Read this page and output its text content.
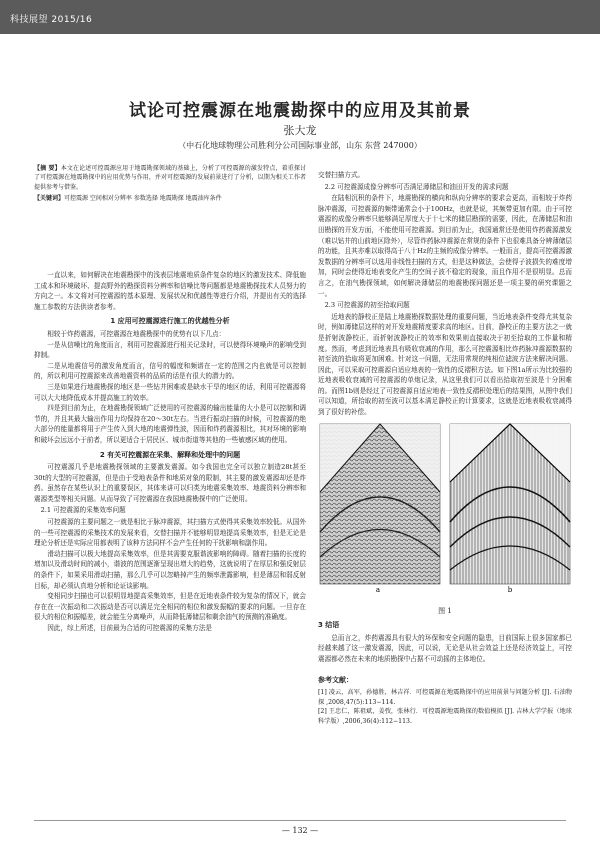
科技展望 2015/16
试论可控震源在地震勘探中的应用及其前景
张大龙
（中石化地球物理公司胜利分公司国际事业部，山东 东营 247000）

【摘 要】本文在论述可控震源应用于地震勘探领域的基础上，分析了可控震源的激发特点，着重探讨了可控震源在地震勘探中的应用优势与作用，并对可控震源的发展前景进行了分析，以期为相关工作者提供参考与借鉴。

【关键词】可控震源 空间相对分辨率 参数选择 地震勘探 地震油库条件

一直以来，如何解决在地震勘探中的浅表层地震地质条件复杂的地区的激发技术、降低施工成本和环境破坏、提高野外的勘探资料分辨率和信噪比等问题都是地震勘探技术人员努力的方向之一。本文将对可控震源的基本原理、发展状况和优越性等进行介绍，并提出有关的选择施工参数的方法供读者参考。

1 应用可控震源进行施工的优越性分析

相较于炸药震源，可控震源在地震勘探中的优势有以下几点：

一是从信噪比的角度而言，利用可控震源进行相关记录时，可以使得环境噪声的影响受到抑制。

二是从地震信号的激发角度而言，信号的幅度和频谱在一定的范围之内也就是可以控制的，所以利用可控震源来改善地震资料的品质的话是有很大的潜力的。

三是如果进行地震勘探的地区是一些钻井困难或是缺水干旱的地区的话，利用可控震源将可以大大地降低成本并提高施工的效率。

四是到目前为止，在地震勘探领域广泛使用的可控震源的输出能量的大小是可以控制和调节的，并且其最大输出作用力均保持在20～30t左右。当进行振动扫描的时候，可控震源的绝大部分的能量都将用于产生传入到大地的地震弹性波，因而和炸药震源相比，其对环境的影响和破坏会远远小于前者，所以更适合于居民区、城市街道等其他的一些敏感区域的使用。

2 有关可控震源在采集、解释和处理中的问题

可控震源几乎是地震勘探领域的主要激发震源。如今我国也完全可以独立制造28t甚至30t的大型的可控震源，但是由于受地表条件和地质对象的限制，其主要的激发震源却还是炸药。虽然存在某些认识上的重要误区，其体来讲可以归类为地震采集效率、地震资料分辨率和震源类型等相关问题。从而导致了可控震源在我国地震勘探中的广泛使用。

2.1 可控震源的采集效率问题

可控震源的主要问题之一就是相比于脉冲震源，其扫描方式使得其采集效率较低。从国外的一些可控震源的采集技术的发展来看，交替扫描并不能够明显地提高采集效率，但是无论是理论分析还是实际应用都表明了该种方法同样不会产生任何的干扰影响和副作用。

滑动扫描可以极大地提高采集效率，但是其需要克服谐波影响的障碍。随着扫描的长度的增加以及滑动时间的减小，谐波的范围逐渐呈现出增大的趋势，这就说明了在厚层和强反射层的条件下，如果采用滑动扫描，那么几乎可以忽略掉产生的频率泄露影响，但是薄层和弱反射目标，却必须认真地分析和论证谈影响。

变相同步扫描也可以很明显地提高采集效率，但是在近地表条件较为复杂的情况下，就会存在在一次振动和二次振动是否可以满足完全相同的相位和激发振幅的要求的问题。一旦存在很大的相位和振幅差，就会能生分离噪声，从而降低薄储层和剩余油气的预测的准确度。

因此，综上所述，目前最为合适的可控震源的采集方法是

交替扫描方式。

2.2 可控震源成像分辨率可否满足薄储层和油田开发的需求问题

在陆相沉积的条件下，地震勘探的横向和纵向分辨率的要求会更高，而相较于炸药脉冲震源，可控震源的频带通常会小于100Hz，也就是说，其频带更加有限。由于可控震源的成像分辨率只能够满足厚度大于十七米的储层勘探的需要，因此，在薄储层和油田勘探的开发方面，不能使用可控震源。到目前为止，我国通常还是使用炸药震源激发（难以钻井的山前地区除外），尽管炸药脉冲震源在常规的条件下也很难具备分辨薄储层的功能，且其亦难以取得高于八十Hz的主频的成像分辨率。一般而言，提高可控震源激发数据的分辨率可以选用非线性扫描的方式，但是这种做法，会使得子波损失的难度增加，同时会使得近地表变化产生的空间子波不稳定的现象，而且作用不是很明显。总而言之，在油气勘探领域，如何解决薄储层的地震勘探问题还是一项主要的研究课题之一。

2.3 可控震源的初至拾取问题

近地表的静校正是陆上地震勘探数据处理的重要问题，当近地表条件变得尤其复杂时，例如薄储层这样的对开发地震精度要求高的地区。目前，静校正的主要方法之一就是折射波静校正，而折射波静校正的效率和效果则直接取决于初至拾取的工作量和精度。然而，考虑到近地表具有吸收衰减的作用，那么可控震源相比炸药脉冲震源数据的初至波的拾取将更加困难。针对这一问题，无法用常规的纯相位滤波方法来解决问题。因此，可以采取可控震源自适应地表的一致性的反褶积方法。如下图1a所示为比较强的近地表吸收衰减的可控震源的单炮记录，从这里我们可以看出拾取初至波是十分困难的。而图1b则是经过了可控震源自适应地表一致性反褶积处理后的结果图，从图中我们可以知道，所拾取的初至波可以基本满足静校正的计算要求，这就是近地表吸收衰减得到了很好的补偿。

a	b
图 1
3 结语

总而言之，炸药震源具有很大的环保和安全问题的隐患，目前国际上很多国家都已经越来越了这一激发震源，因此，可以说，无论是从社会效益上还是经济效益上，可控震源都必然在未来的地质勘探中占据不可动摇的主体地位。

参考文献：

[1] 凌云，高军，孙德胜，林吉祥．可控震源在地震勘探中的应用前景与问题分析 [J]. 石油物探 ,2008,47(5):113−114.

[2] 王忠仁，陈祖斌，姜弢，张林行．可控震源地震勘探的数值模拟 [J]. 吉林大学学报（地球科学版）,2006,36(4):112−113.

— 132 —
